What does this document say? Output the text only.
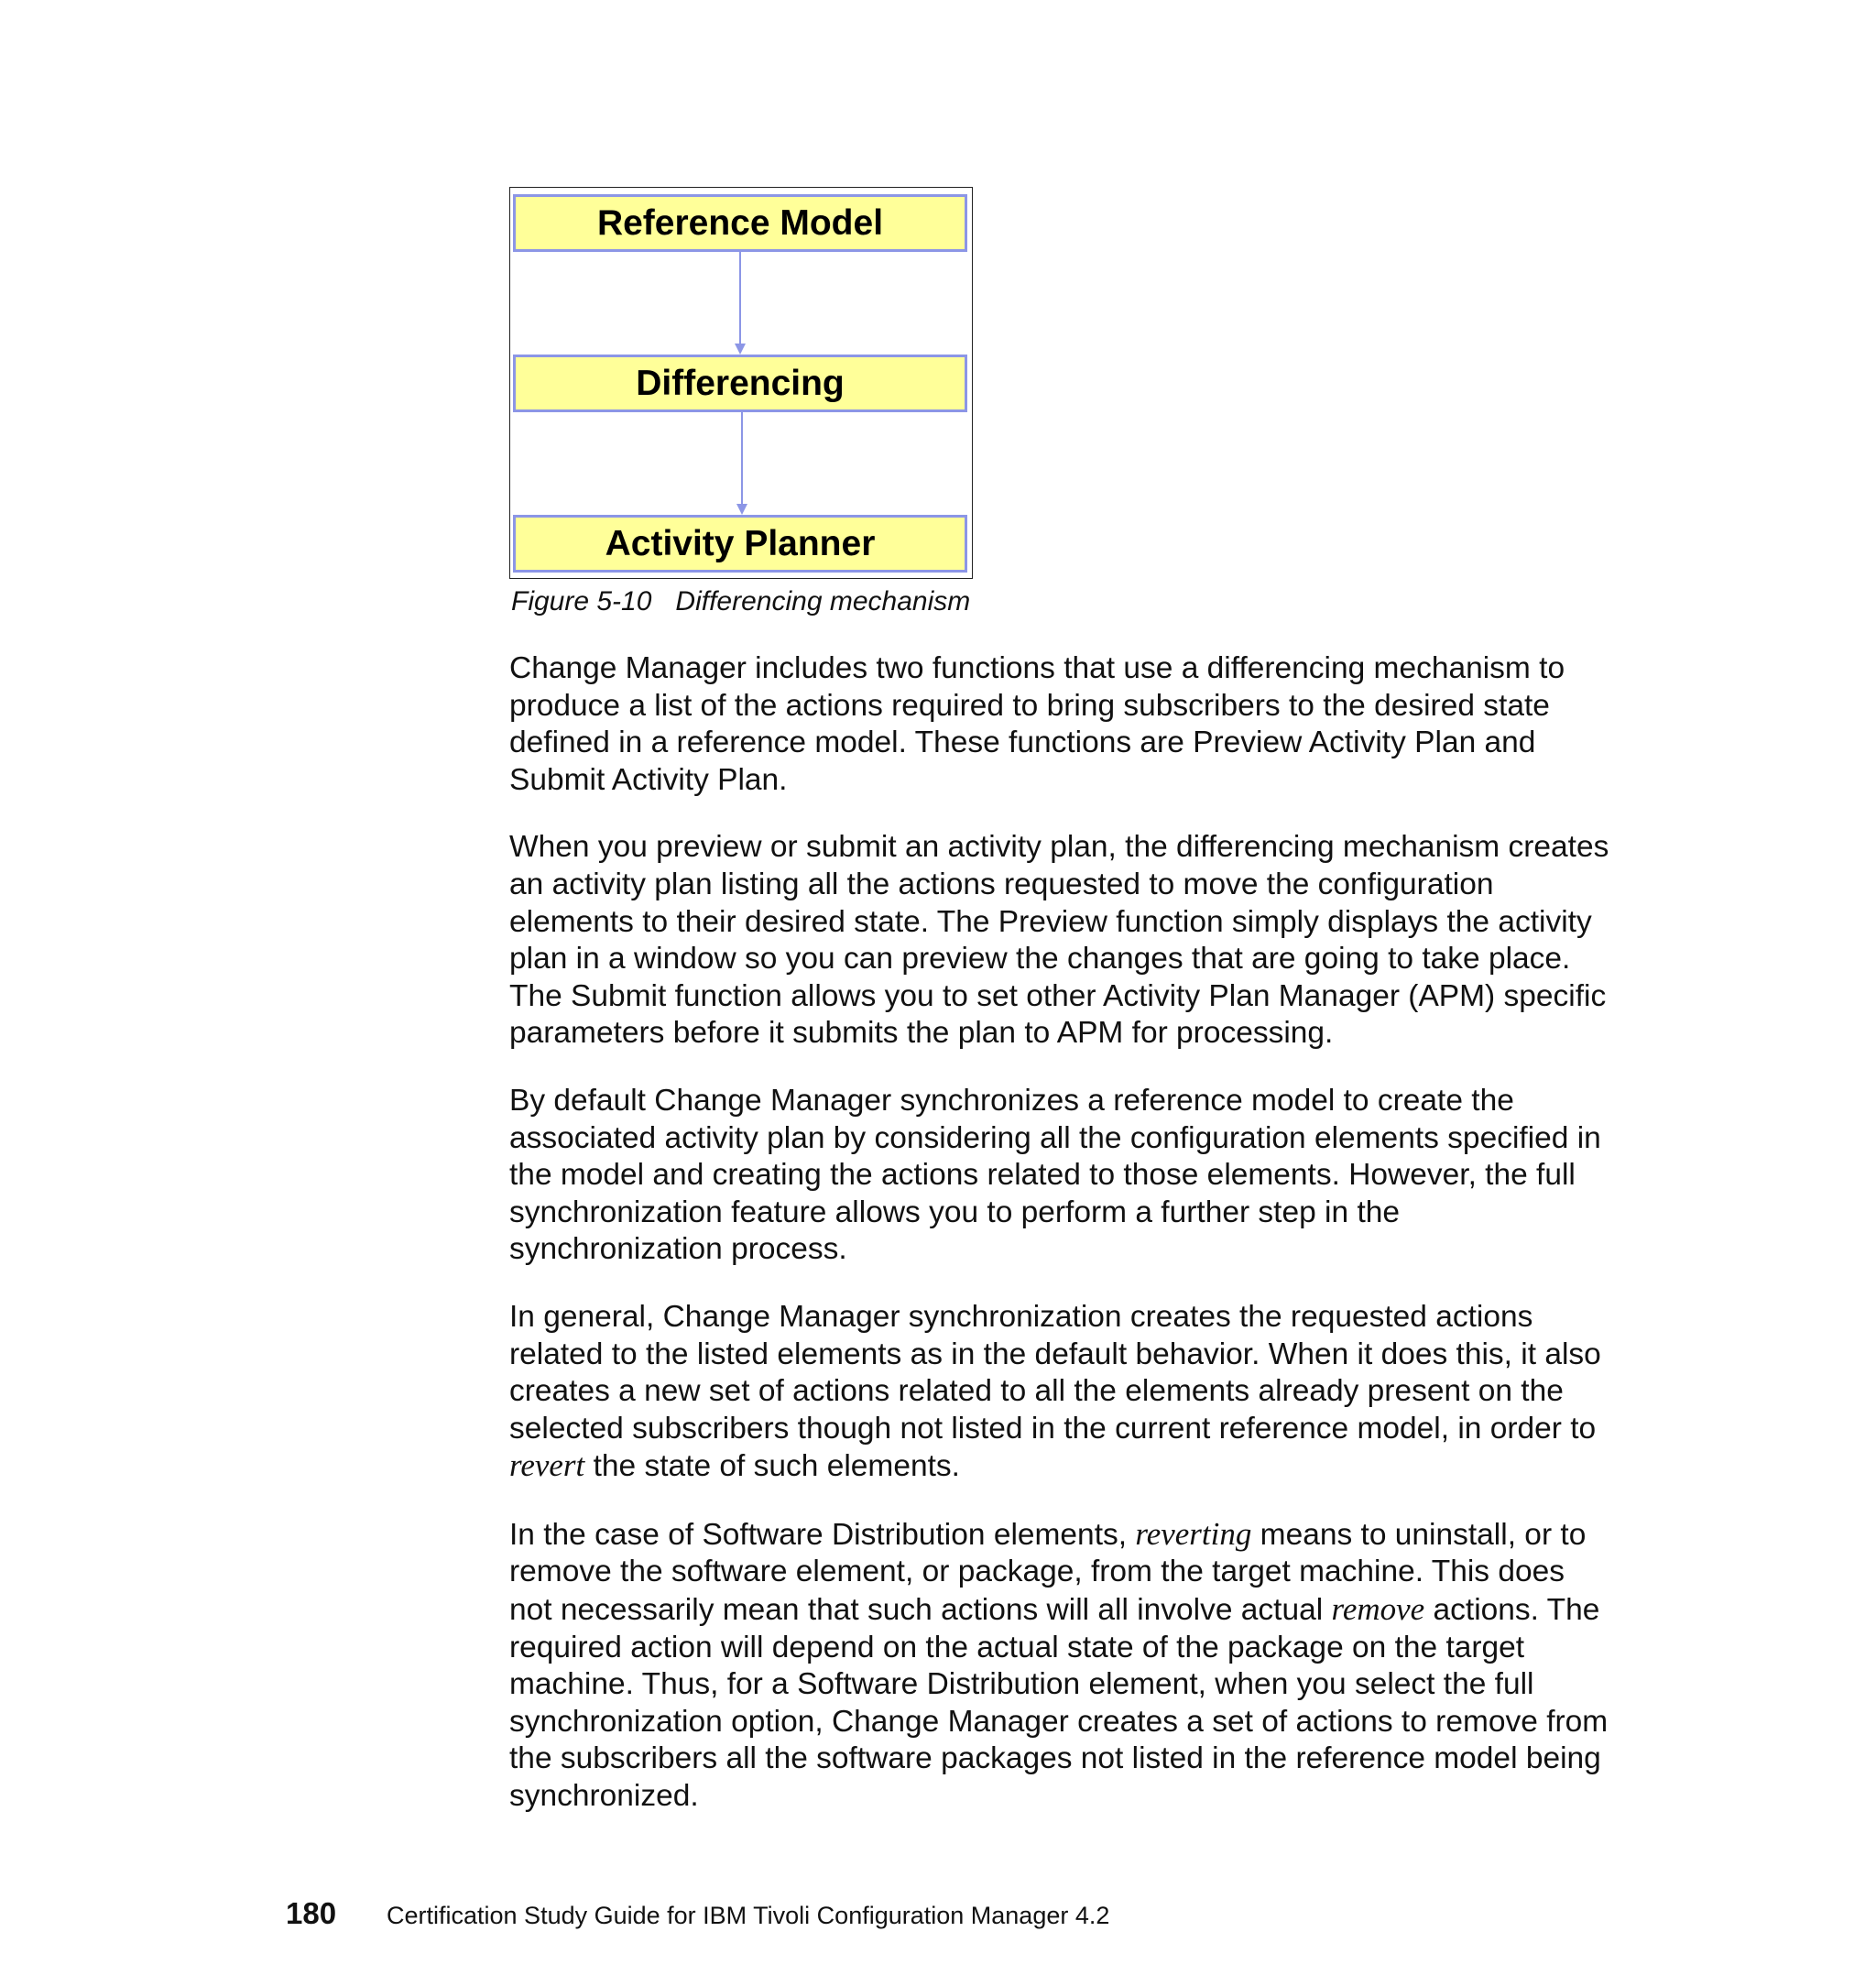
Reference Model
Differencing
Activity Planner
Figure 5-10 Differencing mechanism

Change Manager includes two functions that use a differencing mechanism to
produce a list of the actions required to bring subscribers to the desired state
defined in a reference model. These functions are Preview Activity Plan and
Submit Activity Plan.

When you preview or submit an activity plan, the differencing mechanism creates
an activity plan listing all the actions requested to move the configuration
elements to their desired state. The Preview function simply displays the activity
plan in a window so you can preview the changes that are going to take place.
The Submit function allows you to set other Activity Plan Manager (APM) specific
parameters before it submits the plan to APM for processing.

By default Change Manager synchronizes a reference model to create the
associated activity plan by considering all the configuration elements specified in
the model and creating the actions related to those elements. However, the full
synchronization feature allows you to perform a further step in the
synchronization process.

In general, Change Manager synchronization creates the requested actions
related to the listed elements as in the default behavior. When it does this, it also
creates a new set of actions related to all the elements already present on the
selected subscribers though not listed in the current reference model, in order to
revert the state of such elements.

In the case of Software Distribution elements, reverting means to uninstall, or to
remove the software element, or package, from the target machine. This does
not necessarily mean that such actions will all involve actual remove actions. The
required action will depend on the actual state of the package on the target
machine. Thus, for a Software Distribution element, when you select the full
synchronization option, Change Manager creates a set of actions to remove from
the subscribers all the software packages not listed in the reference model being
synchronized.

180	Certification Study Guide for IBM Tivoli Configuration Manager 4.2
